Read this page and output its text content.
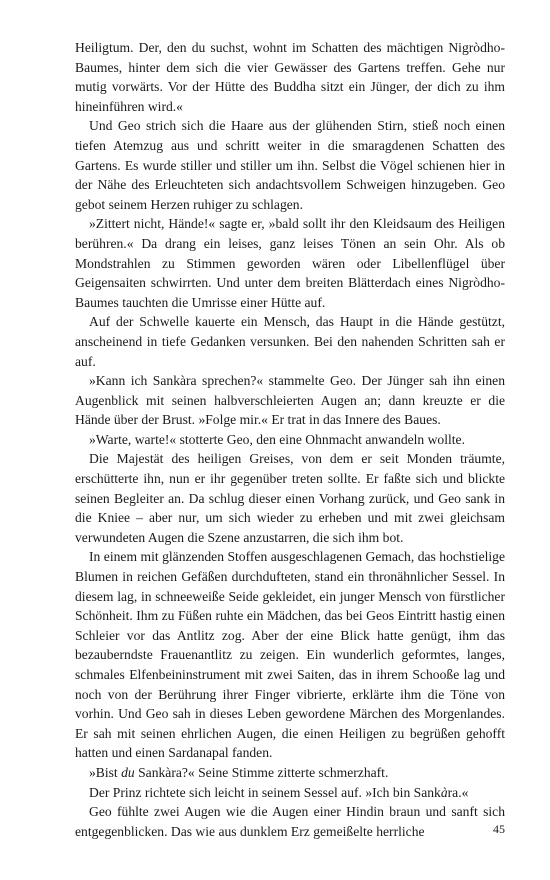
Heiligtum. Der, den du suchst, wohnt im Schatten des mächtigen Nigròdho-Baumes, hinter dem sich die vier Gewässer des Gartens treffen. Gehe nur mutig vorwärts. Vor der Hütte des Buddha sitzt ein Jünger, der dich zu ihm hineinführen wird.«

Und Geo strich sich die Haare aus der glühenden Stirn, stieß noch einen tiefen Atemzug aus und schritt weiter in die smaragdenen Schatten des Gartens. Es wurde stiller und stiller um ihn. Selbst die Vögel schienen hier in der Nähe des Erleuchteten sich andachtsvollem Schweigen hinzugeben. Geo gebot seinem Herzen ruhiger zu schlagen.

»Zittert nicht, Hände!« sagte er, »bald sollt ihr den Kleidsaum des Heiligen berühren.« Da drang ein leises, ganz leises Tönen an sein Ohr. Als ob Mondstrahlen zu Stimmen geworden wären oder Libellenflügel über Geigensaiten schwirrten. Und unter dem breiten Blätterdach eines Nigròdho-Baumes tauchten die Umrisse einer Hütte auf.

Auf der Schwelle kauerte ein Mensch, das Haupt in die Hände gestützt, anscheinend in tiefe Gedanken versunken. Bei den nahenden Schritten sah er auf.

»Kann ich Sankàra sprechen?« stammelte Geo. Der Jünger sah ihn einen Augenblick mit seinen halbverschleierten Augen an; dann kreuzte er die Hände über der Brust. »Folge mir.« Er trat in das Innere des Baues.

»Warte, warte!« stotterte Geo, den eine Ohnmacht anwandeln wollte.

Die Majestät des heiligen Greises, von dem er seit Monden träumte, erschütterte ihn, nun er ihr gegenüber treten sollte. Er faßte sich und blickte seinen Begleiter an. Da schlug dieser einen Vorhang zurück, und Geo sank in die Kniee – aber nur, um sich wieder zu erheben und mit zwei gleichsam verwundeten Augen die Szene anzustarren, die sich ihm bot.

In einem mit glänzenden Stoffen ausgeschlagenen Gemach, das hochstielige Blumen in reichen Gefäßen durchdufteten, stand ein thronähnlicher Sessel. In diesem lag, in schneeweiße Seide gekleidet, ein junger Mensch von fürstlicher Schönheit. Ihm zu Füßen ruhte ein Mädchen, das bei Geos Eintritt hastig einen Schleier vor das Antlitz zog. Aber der eine Blick hatte genügt, ihm das bezauberndste Frauenantlitz zu zeigen. Ein wunderlich geformtes, langes, schmales Elfenbeininstrument mit zwei Saiten, das in ihrem Schooße lag und noch von der Berührung ihrer Finger vibrierte, erklärte ihm die Töne von vorhin. Und Geo sah in dieses Leben gewordene Märchen des Morgenlandes. Er sah mit seinen ehrlichen Augen, die einen Heiligen zu begrüßen gehofft hatten und einen Sardanapal fanden.

»Bist du Sankàra?« Seine Stimme zitterte schmerzhaft.

Der Prinz richtete sich leicht in seinem Sessel auf. »Ich bin Sankàra.«

Geo fühlte zwei Augen wie die Augen einer Hindin braun und sanft sich entgegenblicken. Das wie aus dunklem Erz gemeißelte herrliche	45
